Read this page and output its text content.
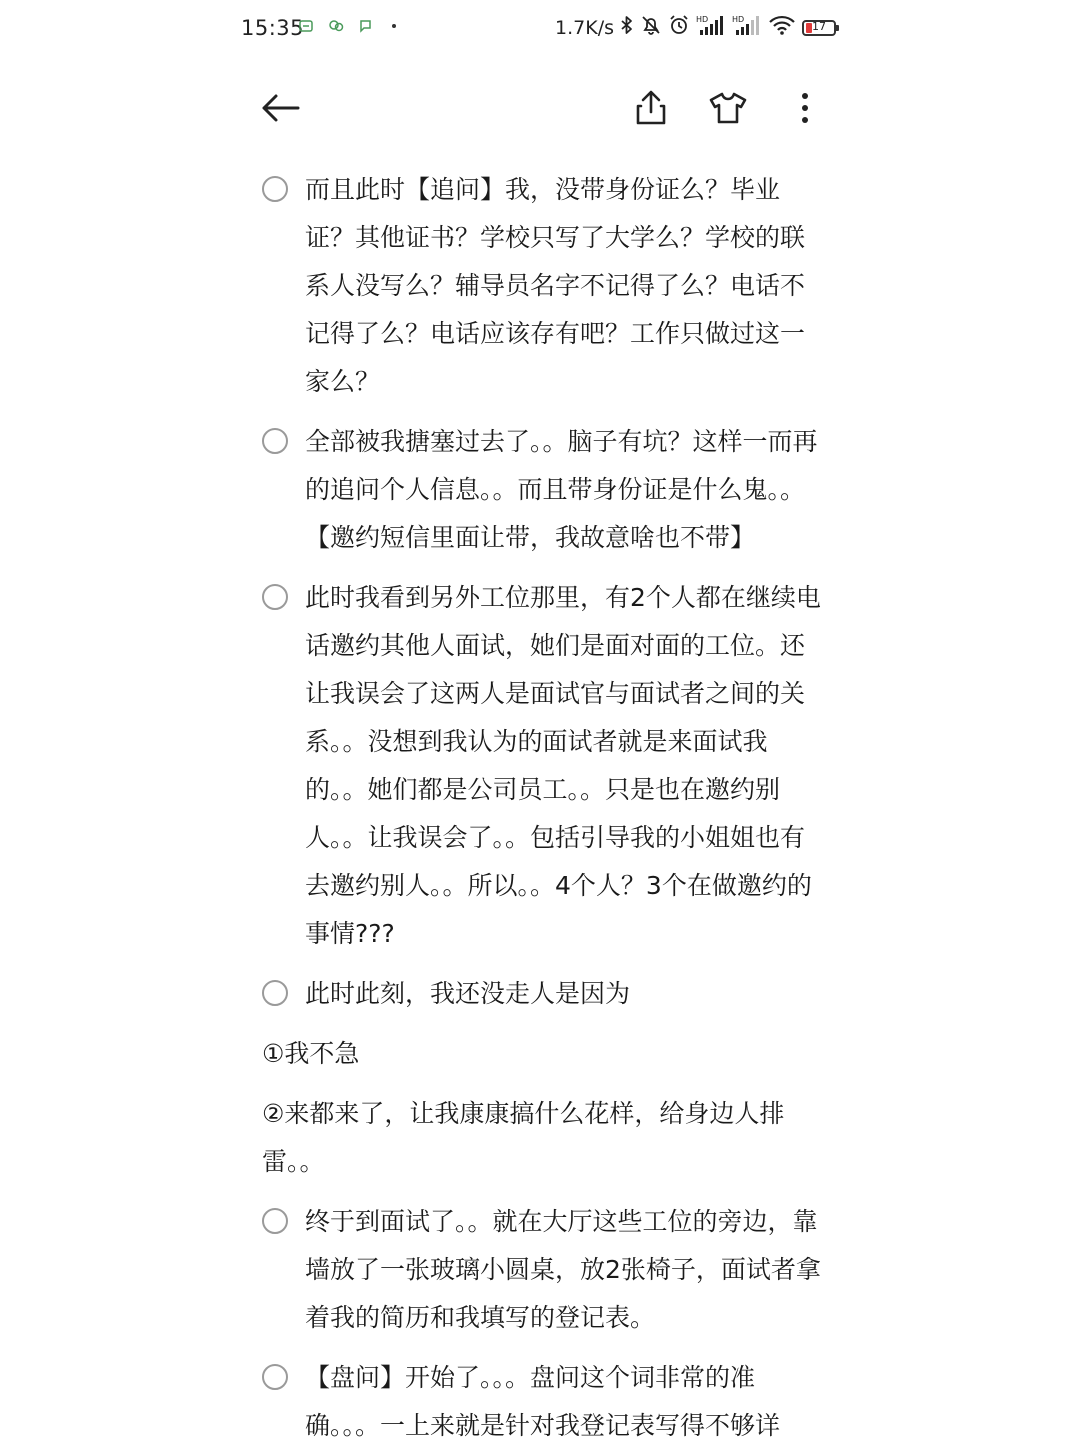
15:35	1.7K/s	HD	HD	17
而且此时【追问】我，没带身份证么？毕业证？其他证书？学校只写了大学么？学校的联系人没写么？辅导员名字不记得了么？电话不记得了么？电话应该存有吧？工作只做过这一家么？
全部被我搪塞过去了。。脑子有坑？这样一而再的追问个人信息。。而且带身份证是什么鬼。。【邀约短信里面让带，我故意啥也不带】
此时我看到另外工位那里，有2个人都在继续电话邀约其他人面试，她们是面对面的工位。还让我误会了这两人是面试官与面试者之间的关系。。没想到我认为的面试者就是来面试我的。。她们都是公司员工。。只是也在邀约别人。。让我误会了。。包括引导我的小姐姐也有去邀约别人。。所以。。4个人？3个在做邀约的事情???
此时此刻，我还没走人是因为
①我不急
②来都来了，让我康康搞什么花样，给身边人排雷。。
终于到面试了。。就在大厅这些工位的旁边，靠墙放了一张玻璃小圆桌，放2张椅子，面试者拿着我的简历和我填写的登记表。
【盘问】开始了。。。盘问这个词非常的准确。。。一上来就是针对我登记表写得不够详
